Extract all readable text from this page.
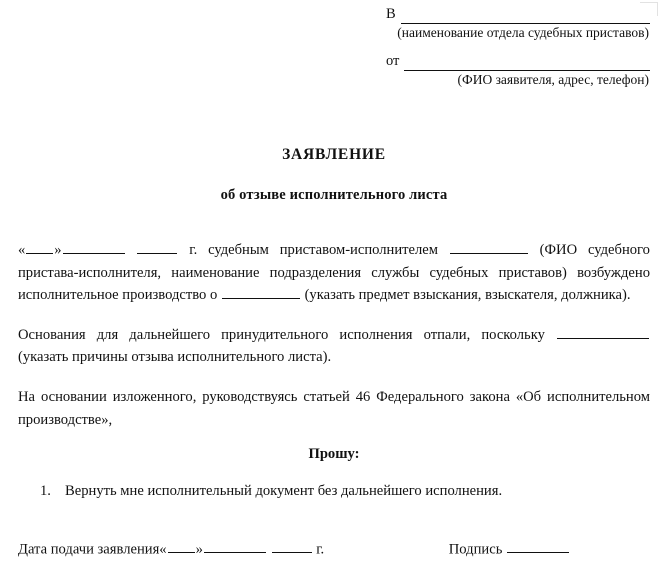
В
(наименование отдела судебных приставов)
от
(ФИО заявителя, адрес, телефон)
ЗАЯВЛЕНИЕ
об отзыве исполнительного листа

« »	г. судебным приставом-исполнителем	(ФИО судебного пристава-исполнителя, наименование подразделения службы судебных приставов) возбуждено исполнительное производство о	(указать предмет взыскания, взыскателя, должника).

Основания для дальнейшего принудительного исполнения отпали, поскольку  (указать причины отзыва исполнительного листа).

На основании изложенного, руководствуясь статьей 46 Федерального закона «Об исполнительном производстве»,

Прошу:
1. Вернуть мне исполнительный документ без дальнейшего исполнения.
Дата подачи заявления« »	г.	Подпись
